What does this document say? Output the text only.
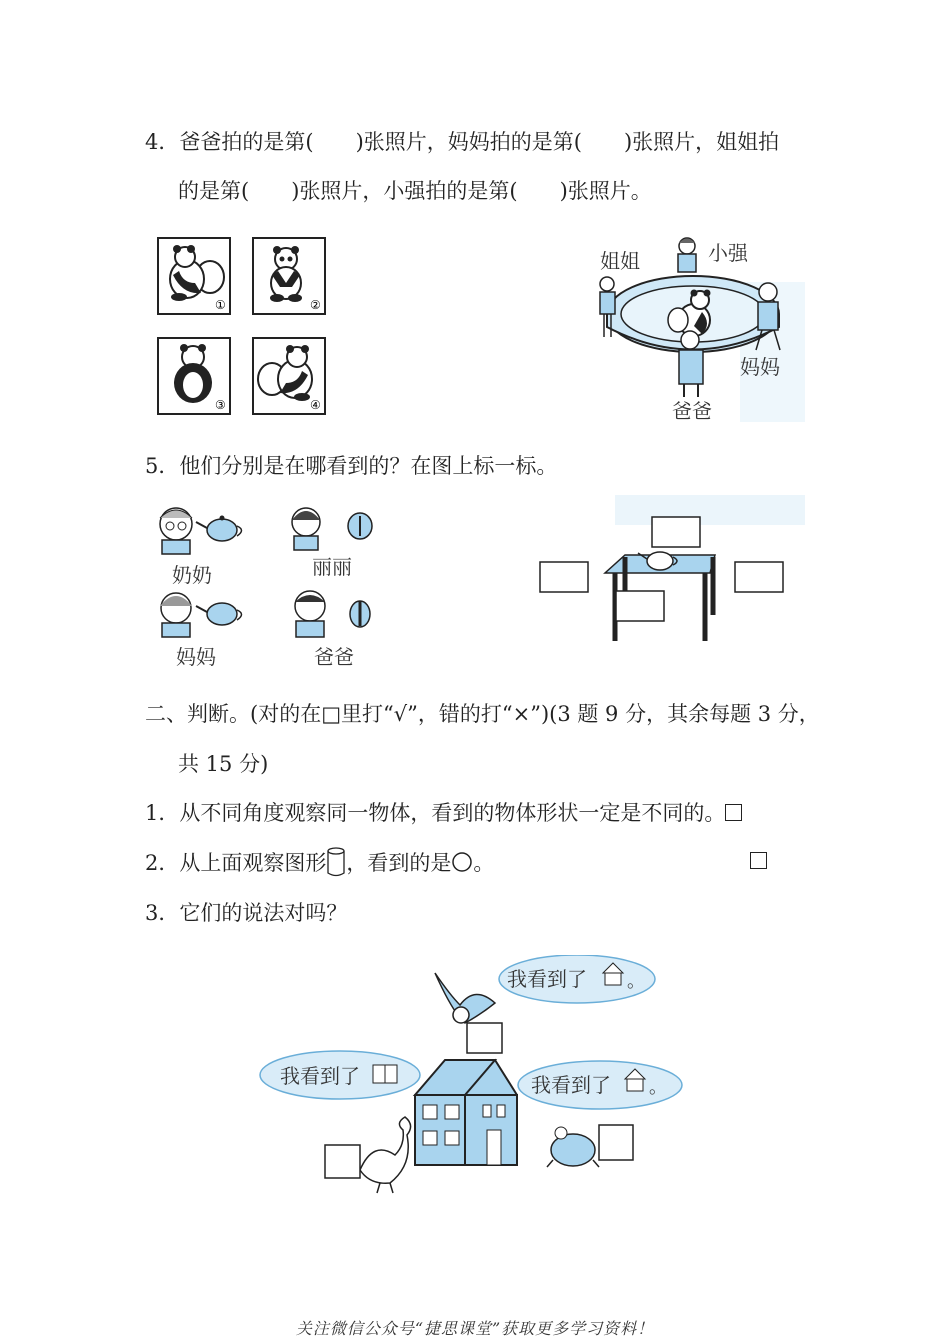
4．爸爸拍的是第( )张照片，妈妈拍的是第( )张照片，姐姐拍
的是第( )张照片，小强拍的是第( )张照片。
①	②
③	④
姐姐	小强
妈妈
爸爸
5．他们分别是在哪看到的？在图上标一标。
奶奶	丽丽
妈妈	爸爸
二、判断。(对的在□里打“√”，错的打“×”)(3 题 9 分，其余每题 3 分，
共 15 分)
1．从不同角度观察同一物体，看到的物体形状一定是不同的。
2．从上面观察图形 ，看到的是 。
3．它们的说法对吗？
我看到了 。
我看到了	我看到了 。
关注微信公众号“捷思课堂”获取更多学习资料！
